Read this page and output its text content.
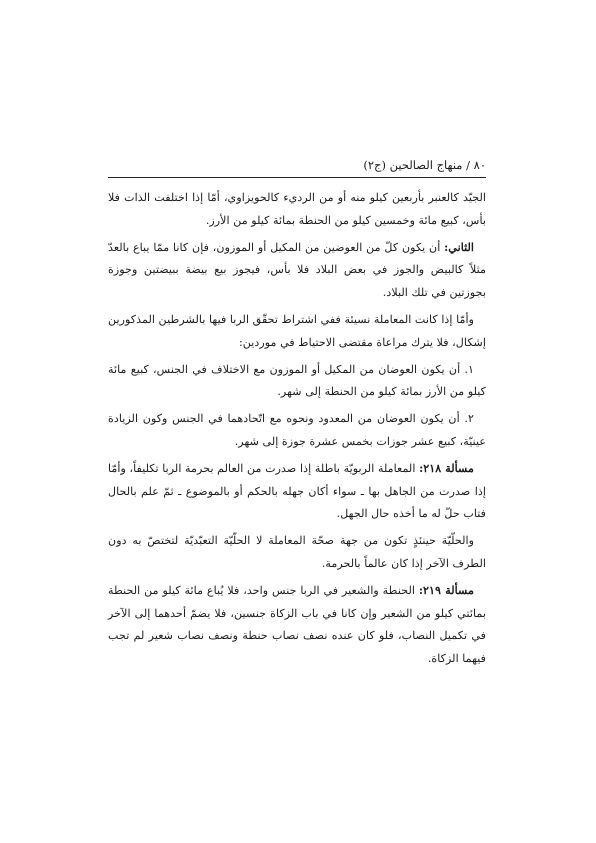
٨٠ / منهاج الصالحين (ج٢)

الجيّد كالعنبر بأربعين كيلو منه أو من الرديء كالحويزاوي، أمّا إذا اختلفت الذات فلا بأس، كبيع مائة وخمسين كيلو من الحنطة بمائة كيلو من الأرز.

الثاني: أن يكون كلّ من العوضين من المكيل أو الموزون، فإن كانا ممّا يباع بالعدّ مثلاً كالبيض والجوز في بعض البلاد فلا بأس، فيجوز بيع بيضة ببيضتين وجوزة بجوزتين في تلك البلاد.

وأمّا إذا كانت المعاملة نسيئة ففي اشتراط تحقّق الربا فيها بالشرطين المذكورين إشكال، فلا يترك مراعاة مقتضى الاحتياط في موردين:

١. أن يكون العوضان من المكيل أو الموزون مع الاختلاف في الجنس، كبيع مائة كيلو من الأرز بمائة كيلو من الحنطة إلى شهر.

٢. أن يكون العوضان من المعدود ونحوه مع اتّحادهما في الجنس وكون الزيادة عينيّة، كبيع عشر جوزات بخمس عشرة جوزة إلى شهر.

مسألة ٢١٨: المعاملة الربويّة باطلة إذا صدرت من العالم بحرمة الربا تكليفاً، وأمّا إذا صدرت من الجاهل بها ـ سواء أكان جهله بالحكم أو بالموضوع ـ ثمّ علم بالحال فتاب حلّ له ما أخذه حال الجهل.

والحلّيّة حينئذٍ تكون من جهة صحّة المعاملة لا الحلّيّة التعبّديّة لتختصّ به دون الطرف الآخر إذا كان عالماً بالحرمة.

مسألة ٢١٩: الحنطة والشعير في الربا جنس واحد، فلا يُباع مائة كيلو من الحنطة بمائتي كيلو من الشعير وإن كانا في باب الزكاة جنسين، فلا يضمّ أحدهما إلى الآخر في تكميل النصاب، فلو كان عنده نصف نصاب حنطة ونصف نصاب شعير لم تجب فيهما الزكاة.
